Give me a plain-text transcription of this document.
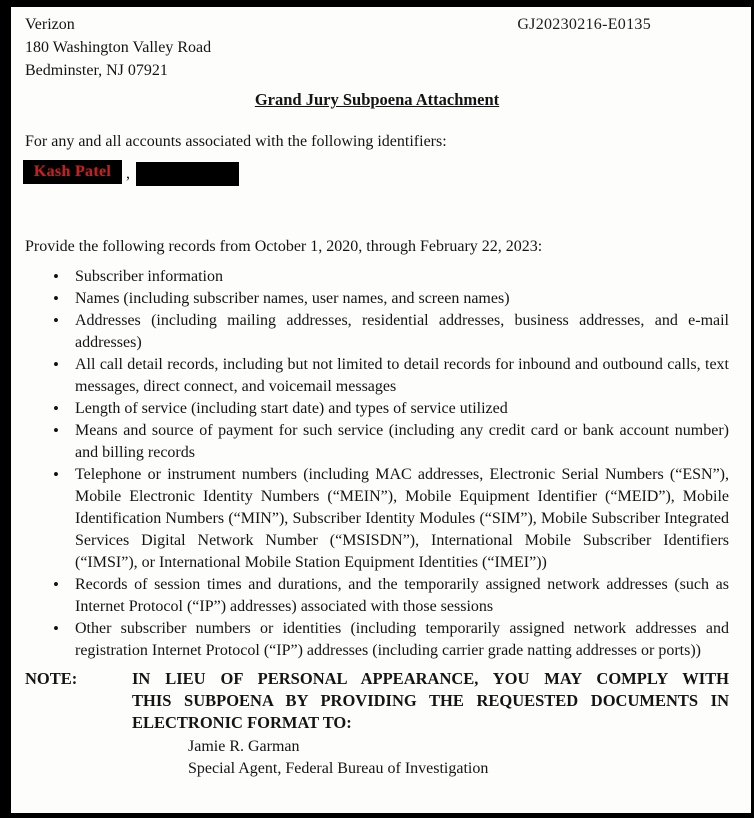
Verizon
180 Washington Valley Road
Bedminster, NJ 07921
GJ20230216-E0135
Grand Jury Subpoena Attachment

For any and all accounts associated with the following identifiers:

Kash Patel ,

Provide the following records from October 1, 2020, through February 22, 2023:

• Subscriber information
• Names (including subscriber names, user names, and screen names)
• Addresses (including mailing addresses, residential addresses, business addresses, and e-mail addresses)
• All call detail records, including but not limited to detail records for inbound and outbound calls, text messages, direct connect, and voicemail messages
• Length of service (including start date) and types of service utilized
• Means and source of payment for such service (including any credit card or bank account number) and billing records
• Telephone or instrument numbers (including MAC addresses, Electronic Serial Numbers (“ESN”), Mobile Electronic Identity Numbers (“MEIN”), Mobile Equipment Identifier (“MEID”), Mobile Identification Numbers (“MIN”), Subscriber Identity Modules (“SIM”), Mobile Subscriber Integrated Services Digital Network Number (“MSISDN”), International Mobile Subscriber Identifiers (“IMSI”), or International Mobile Station Equipment Identities (“IMEI”))
• Records of session times and durations, and the temporarily assigned network addresses (such as Internet Protocol (“IP”) addresses) associated with those sessions
• Other subscriber numbers or identities (including temporarily assigned network addresses and registration Internet Protocol (“IP”) addresses (including carrier grade natting addresses or ports))
NOTE:	IN LIEU OF PERSONAL APPEARANCE, YOU MAY COMPLY WITH
THIS SUBPOENA BY PROVIDING THE REQUESTED DOCUMENTS IN
ELECTRONIC FORMAT TO:
Jamie R. Garman
Special Agent, Federal Bureau of Investigation
